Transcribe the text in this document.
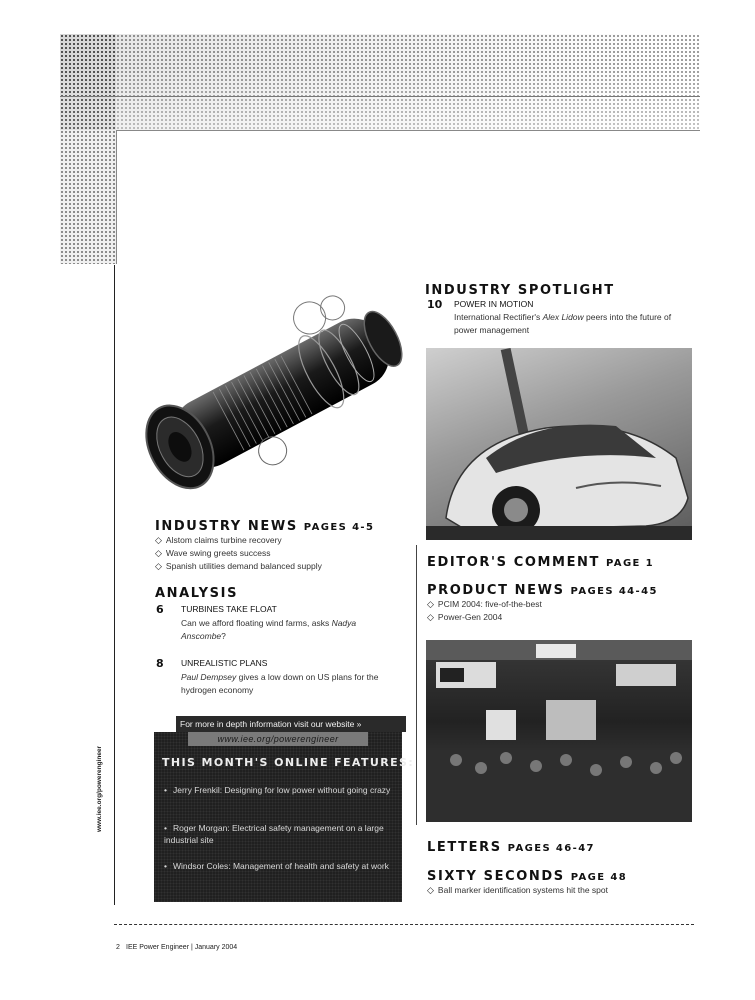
INDUSTRY SPOTLIGHT
10 POWER IN MOTION
International Rectifier's Alex Lidow peers into the future of power management
INDUSTRY NEWS PAGES 4-5
◇ Alstom claims turbine recovery
◇ Wave swing greets success
◇ Spanish utilities demand balanced supply
ANALYSIS
6 TURBINES TAKE FLOAT
Can we afford floating wind farms, asks Nadya Anscombe?
8 UNREALISTIC PLANS
Paul Dempsey gives a low down on US plans for the hydrogen economy
For more in depth information visit our website »
www.iee.org/powerengineer
THIS MONTH'S ONLINE FEATURES:
• Jerry Frenkil: Designing for low power without going crazy
• Roger Morgan: Electrical safety management on a large industrial site
• Windsor Coles: Management of health and safety at work
EDITOR'S COMMENT PAGE 1
PRODUCT NEWS PAGES 44-45
◇ PCIM 2004: five-of-the-best
◇ Power-Gen 2004
LETTERS PAGES 46-47
SIXTY SECONDS PAGE 48
◇ Ball marker identification systems hit the spot
www.iee.org/powerengineer
2 IEE Power Engineer | January 2004
